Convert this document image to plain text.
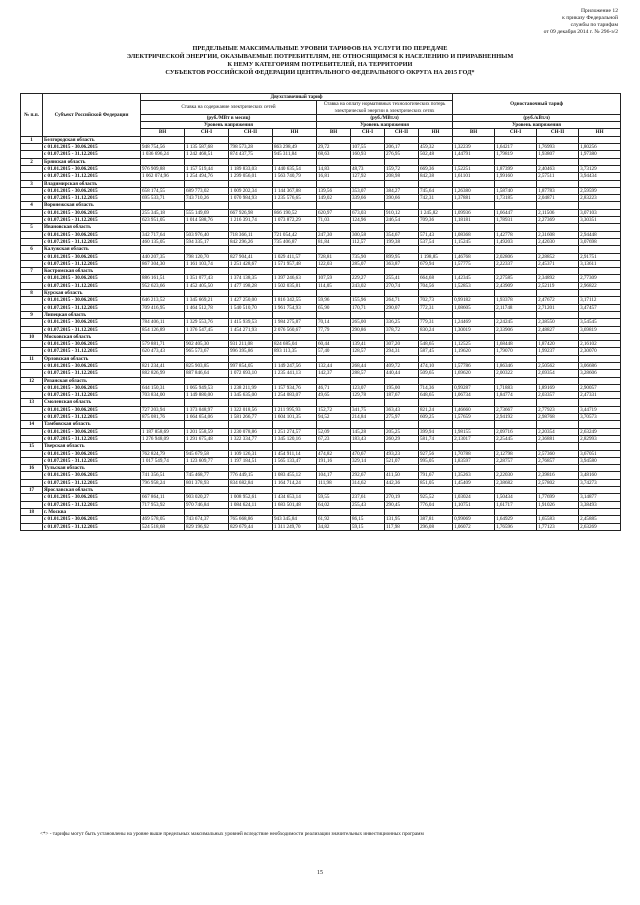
Приложение 12
к приказу Федеральной
службы по тарифам
от 09 декабря 2014 г. № 296-э/2
ПРЕДЕЛЬНЫЕ МАКСИМАЛЬНЫЕ УРОВНИ ТАРИФОВ НА УСЛУГИ ПО ПЕРЕДАЧЕ
ЭЛЕКТРИЧЕСКОЙ ЭНЕРГИИ, ОКАЗЫВАЕМЫЕ ПОТРЕБИТЕЛЯМ, НЕ ОТНОСЯЩИМСЯ К НАСЕЛЕНИЮ И ПРИРАВНЕННЫМ
К НЕМУ КАТЕГОРИЯМ ПОТРЕБИТЕЛЕЙ, НА ТЕРРИТОРИИ
СУБЪЕКТОВ РОССИЙСКОЙ ФЕДЕРАЦИИ ЦЕНТРАЛЬНОГО ФЕДЕРАЛЬНОГО ОКРУГА НА 2015 ГОД*
№ п.п.	Субъект Российской Федерации	Двухставочный тариф								Одноставочный тариф			
		Ставка на содержание электрических сетей				Ставка на оплату нормативных технологических потерь электрической энергии в электрических сетях							
		(руб./МВт в месяц)				(руб./МВт.ч)				(руб./кВт.ч)			
		Уровень напряжения				Уровень напряжения				Уровень напряжения			
		ВН	СН-I	СН-II	НН	ВН	СН-I	СН-II	НН	ВН	СН-I	СН-II	НН
1	Белгородская область												
	с 01.01.2015 - 30.06.2015	948 754,56	1 135 587,68	798 573,28	863 298,49	29,72	107,55	206,17	459,32	1,32239	1,64217	1,76993	1,80256
	с 01.07.2015 - 31.12.2015	1 036 696,24	1 242 468,51	874 437,75	945 311,84	68,63	160,93	276,95	502,48	1,44791	1,79819	1,93807	1,97380
2	Брянская область												
	с 01.01.2015 - 30.06.2015	976 909,88	1 157 519,44	1 189 833,03	1 440 635,54	14,83	48,73	159,72	669,36	1,52251	1,87399	2,40463	3,73129
	с 01.07.2015 - 31.12.2015	1 062 074,96	1 254 494,76	1 299 056,01	1 563 740,79	16,81	127,92	208,98	842,38	1,61101	1,99160	2,57511	3,94434
3	Владимирская область												
	с 01.01.2015 - 30.06.2015	658 174,55	689 773,02	1 009 202,34	1 144 367,88	139,56	353,07	384,27	745,64	1,26380	1,58740	1,87783	2,59599
	с 01.07.2015 - 31.12.2015	695 533,71	743 710,26	1 070 984,93	1 235 576,65	149,02	339,66	390,66	742,31	1,37881	1,73185	2,04871	2,83223
4	Воронежская область												
	с 01.01.2015 - 30.06.2015	255 345,18	555 149,69	667 926,98	866 190,52	620,97	673,03	910,12	1 245,82	1,09936	1,66447	2,11506	3,07103
	с 01.07.2015 - 31.12.2015	623 951,05	1 014 588,76	1 216 391,74	1 073 872,29	71,03	124,96	246,54	709,36	1,18181	1,78931	2,27369	3,30351
5	Ивановская область												
	с 01.01.2015 - 30.06.2015	342 717,64	503 976,40	718 366,11	721 054,42	247,30	300,58	354,67	571,43	1,08368	1,42778	2,31608	2,94448
	с 01.07.2015 - 31.12.2015	460 135,05	594 335,17	842 296,26	735 406,87	81,84	112,57	199,38	537,54	1,15245	1,49203	2,42030	3,07698
6	Калужская область												
	с 01.01.2015 - 30.06.2015	440 207,35	798 120,70	827 904,41	1 029 411,57	728,81	735,90	899,95	1 198,85	1,46768	2,02806	2,28852	2,91751
	с 01.07.2015 - 31.12.2015	867 304,30	1 161 103,74	1 251 428,67	1 571 957,48	122,03	285,07	363,87	679,94	1,57775	2,22337	2,45371	3,13611
7	Костромская область												
	с 01.01.2015 - 30.06.2015	886 161,51	1 351 077,43	1 374 138,35	1 397 246,63	107,59	229,27	255,41	664,68	1,42345	2,27585	2,34892	2,77309
	с 01.07.2015 - 31.12.2015	952 623,66	1 452 405,50	1 477 198,28	1 502 035,81	114,05	243,02	270,74	704,56	1,52853	2,43909	2,52119	2,96822
8	Курская область												
	с 01.01.2015 - 30.06.2015	646 213,52	1 345 669,21	1 427 250,00	1 816 342,55	59,96	155,96	264,71	702,73	0,99182	1,93378	2,47672	3,17112
	с 01.07.2015 - 31.12.2015	709 416,95	1 464 512,78	1 540 510,70	1 961 754,93	65,90	170,71	290,07	772,31	1,08605	2,11748	2,71201	3,47457
9	Липецкая область												
	с 01.01.2015 - 30.06.2015	784 406,11	1 329 553,76	1 415 939,53	1 984 275,87	70,14	265,00	336,25	779,31	1,24469	2,24245	2,38550	3,54545
	с 01.07.2015 - 31.12.2015	854 126,89	1 376 547,45	1 454 271,93	2 076 560,67	77,79	290,86	378,72	830,24	1,30019	2,33906	2,48827	3,69819
10	Московская область												
	с 01.01.2015 - 30.06.2015	579 881,71	902 405,30	931 211,08	824 685,04	60,44	139,41	307,20	548,65	1,12525	1,68448	1,87420	2,16102
	с 01.07.2015 - 31.12.2015	620 473,43	965 573,67	996 395,86	893 113,35	57,40	128,57	294,31	587,45	1,19620	1,79070	1,99237	2,30070
11	Орловская область												
	с 01.01.2015 - 30.06.2015	821 234,41	825 903,85	997 854,05	1 149 247,56	132,44	268,44	409,72	474,10	1,57786	1,86346	2,50562	3,06686
	с 01.07.2015 - 31.12.2015	882 826,99	887 846,64	1 072 693,10	1 235 441,13	142,37	288,57	440,44	509,65	1,69620	2,00322	2,69354	3,28606
12	Рязанская область												
	с 01.01.2015 - 30.06.2015	644 150,31	1 065 949,53	1 238 211,99	1 157 934,76	46,71	123,07	195,00	714,36	0,99287	1,71883	1,89169	2,90057
	с 01.07.2015 - 31.12.2015	703 834,00	1 149 880,00	1 345 635,00	1 254 083,07	49,65	129,78	187,67	648,65	1,06734	1,84774	2,03357	2,47331
13	Смоленская область												
	с 01.01.2015 - 30.06.2015	727 203,94	1 373 048,97	1 322 018,56	1 211 995,93	152,72	341,75	363,43	821,24	1,46660	2,73667	2,77923	3,44719
	с 01.07.2015 - 31.12.2015	875 081,76	1 664 654,06	1 581 266,77	1 604 101,35	94,52	214,84	275,97	609,25	1,57659	2,94192	2,98768	3,70573
14	Тамбовская область												
	с 01.01.2015 - 30.06.2015	1 187 858,69	1 201 558,59	1 230 078,86	1 251 274,57	52,09	145,28	205,25	399,94	1,98155	2,09716	2,20354	2,63249
	с 01.07.2015 - 31.12.2015	1 276 948,09	1 291 675,48	1 322 334,77	1 345 120,16	67,23	183,43	260,29	581,74	2,13017	2,25445	2,36881	2,82993
15	Тверская область												
	с 01.01.2015 - 30.06.2015	762 824,79	945 679,58	1 109 126,31	1 454 911,14	474,82	470,67	493,23	927,56	1,70788	2,12798	2,57360	3,67051
	с 01.07.2015 - 31.12.2015	1 017 549,74	1 123 609,77	1 197 184,51	1 565 133,47	191,16	329,14	521,07	995,05	1,83597	2,28757	2,76857	3,94580
16	Тульская область												
	с 01.01.2015 - 30.06.2015	741 356,51	745 468,77	776 449,15	1 083 455,12	104,17	292,67	411,50	791,67	1,35263	2,22030	2,39816	3,48160
	с 01.07.2015 - 31.12.2015	796 958,24	801 378,93	834 682,84	1 164 714,24	111,98	314,62	442,36	851,05	1,45409	2,38682	2,57802	3,74273
17	Ярославская область												
	с 01.01.2015 - 30.06.2015	667 864,11	903 020,27	1 008 952,61	1 434 653,14	59,55	237,61	270,19	925,52	1,03024	1,50434	1,77699	3,14877
	с 01.07.2015 - 31.12.2015	717 953,92	970 746,84	1 084 624,11	1 683 501,48	64,02	255,43	290,45	776,04	1,10751	1,61717	1,91026	3,38493
18	г. Москва												
	с 01.01.2015 - 30.06.2015	469 578,05	743 674,37	765 668,86	943 345,84	61,92	86,15	131,95	387,81	0,99069	1,64929	1,65583	2,45885
	с 01.07.2015 - 31.12.2015	524 518,68	829 196,92	829 679,44	1 311 249,70	34,82	59,15	117,98	296,08	1,06072	1,76596	1,77123	2,63269
<*> - тарифы могут быть установлены на уровне выше предельных максимальных уровней вследствие необходимости реализации значительных инвестиционных программ
15
